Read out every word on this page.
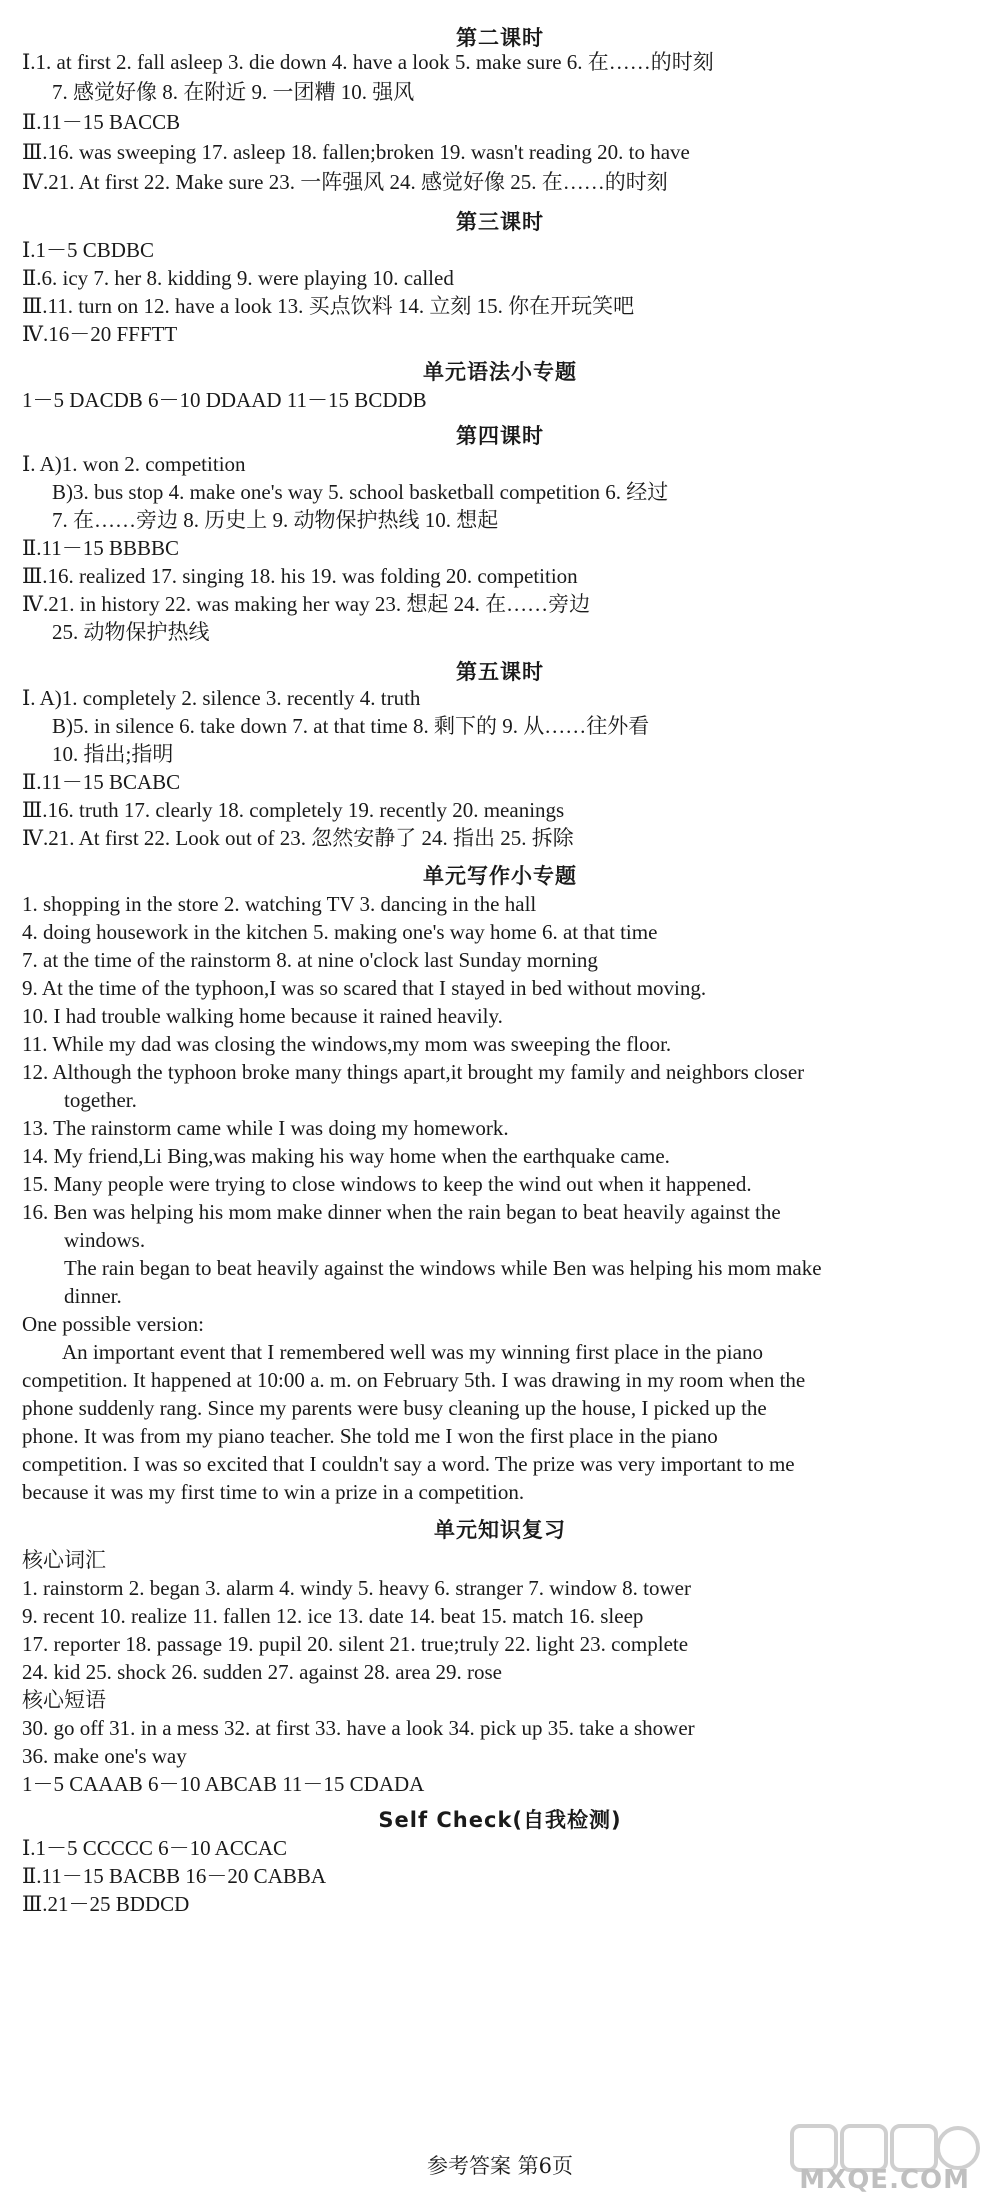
第二课时
Ⅰ.1. at first 2. fall asleep 3. die down 4. have a look 5. make sure 6. 在……的时刻
7. 感觉好像 8. 在附近 9. 一团糟 10. 强风
Ⅱ.11－15 BACCB
Ⅲ.16. was sweeping 17. asleep 18. fallen;broken 19. wasn't reading 20. to have
Ⅳ.21. At first 22. Make sure 23. 一阵强风 24. 感觉好像 25. 在……的时刻
第三课时
Ⅰ.1－5 CBDBC
Ⅱ.6. icy 7. her 8. kidding 9. were playing 10. called
Ⅲ.11. turn on 12. have a look 13. 买点饮料 14. 立刻 15. 你在开玩笑吧
Ⅳ.16－20 FFFTT
单元语法小专题
1－5 DACDB 6－10 DDAAD 11－15 BCDDB
第四课时
Ⅰ. A)1. won 2. competition
B)3. bus stop 4. make one's way 5. school basketball competition 6. 经过
7. 在……旁边 8. 历史上 9. 动物保护热线 10. 想起
Ⅱ.11－15 BBBBC
Ⅲ.16. realized 17. singing 18. his 19. was folding 20. competition
Ⅳ.21. in history 22. was making her way 23. 想起 24. 在……旁边
25. 动物保护热线
第五课时
Ⅰ. A)1. completely 2. silence 3. recently 4. truth
B)5. in silence 6. take down 7. at that time 8. 剩下的 9. 从……往外看
10. 指出;指明
Ⅱ.11－15 BCABC
Ⅲ.16. truth 17. clearly 18. completely 19. recently 20. meanings
Ⅳ.21. At first 22. Look out of 23. 忽然安静了 24. 指出 25. 拆除
单元写作小专题
1. shopping in the store 2. watching TV 3. dancing in the hall
4. doing housework in the kitchen 5. making one's way home 6. at that time
7. at the time of the rainstorm 8. at nine o'clock last Sunday morning
9. At the time of the typhoon,I was so scared that I stayed in bed without moving.
10. I had trouble walking home because it rained heavily.
11. While my dad was closing the windows,my mom was sweeping the floor.
12. Although the typhoon broke many things apart,it brought my family and neighbors closer
together.
13. The rainstorm came while I was doing my homework.
14. My friend,Li Bing,was making his way home when the earthquake came.
15. Many people were trying to close windows to keep the wind out when it happened.
16. Ben was helping his mom make dinner when the rain began to beat heavily against the
windows.
The rain began to beat heavily against the windows while Ben was helping his mom make
dinner.
One possible version:
An important event that I remembered well was my winning first place in the piano
competition. It happened at 10:00 a. m. on February 5th. I was drawing in my room when the
phone suddenly rang. Since my parents were busy cleaning up the house, I picked up the
phone. It was from my piano teacher. She told me I won the first place in the piano
competition. I was so excited that I couldn't say a word. The prize was very important to me
because it was my first time to win a prize in a competition.
单元知识复习
核心词汇
1. rainstorm 2. began 3. alarm 4. windy 5. heavy 6. stranger 7. window 8. tower
9. recent 10. realize 11. fallen 12. ice 13. date 14. beat 15. match 16. sleep
17. reporter 18. passage 19. pupil 20. silent 21. true;truly 22. light 23. complete
24. kid 25. shock 26. sudden 27. against 28. area 29. rose
核心短语
30. go off 31. in a mess 32. at first 33. have a look 34. pick up 35. take a shower
36. make one's way
1－5 CAAAB 6－10 ABCAB 11－15 CDADA
Self Check(自我检测)
Ⅰ.1－5 CCCCC 6－10 ACCAC
Ⅱ.11－15 BACBB 16－20 CABBA
Ⅲ.21－25 BDDCD
参考答案 第6页	MXQE.COM
